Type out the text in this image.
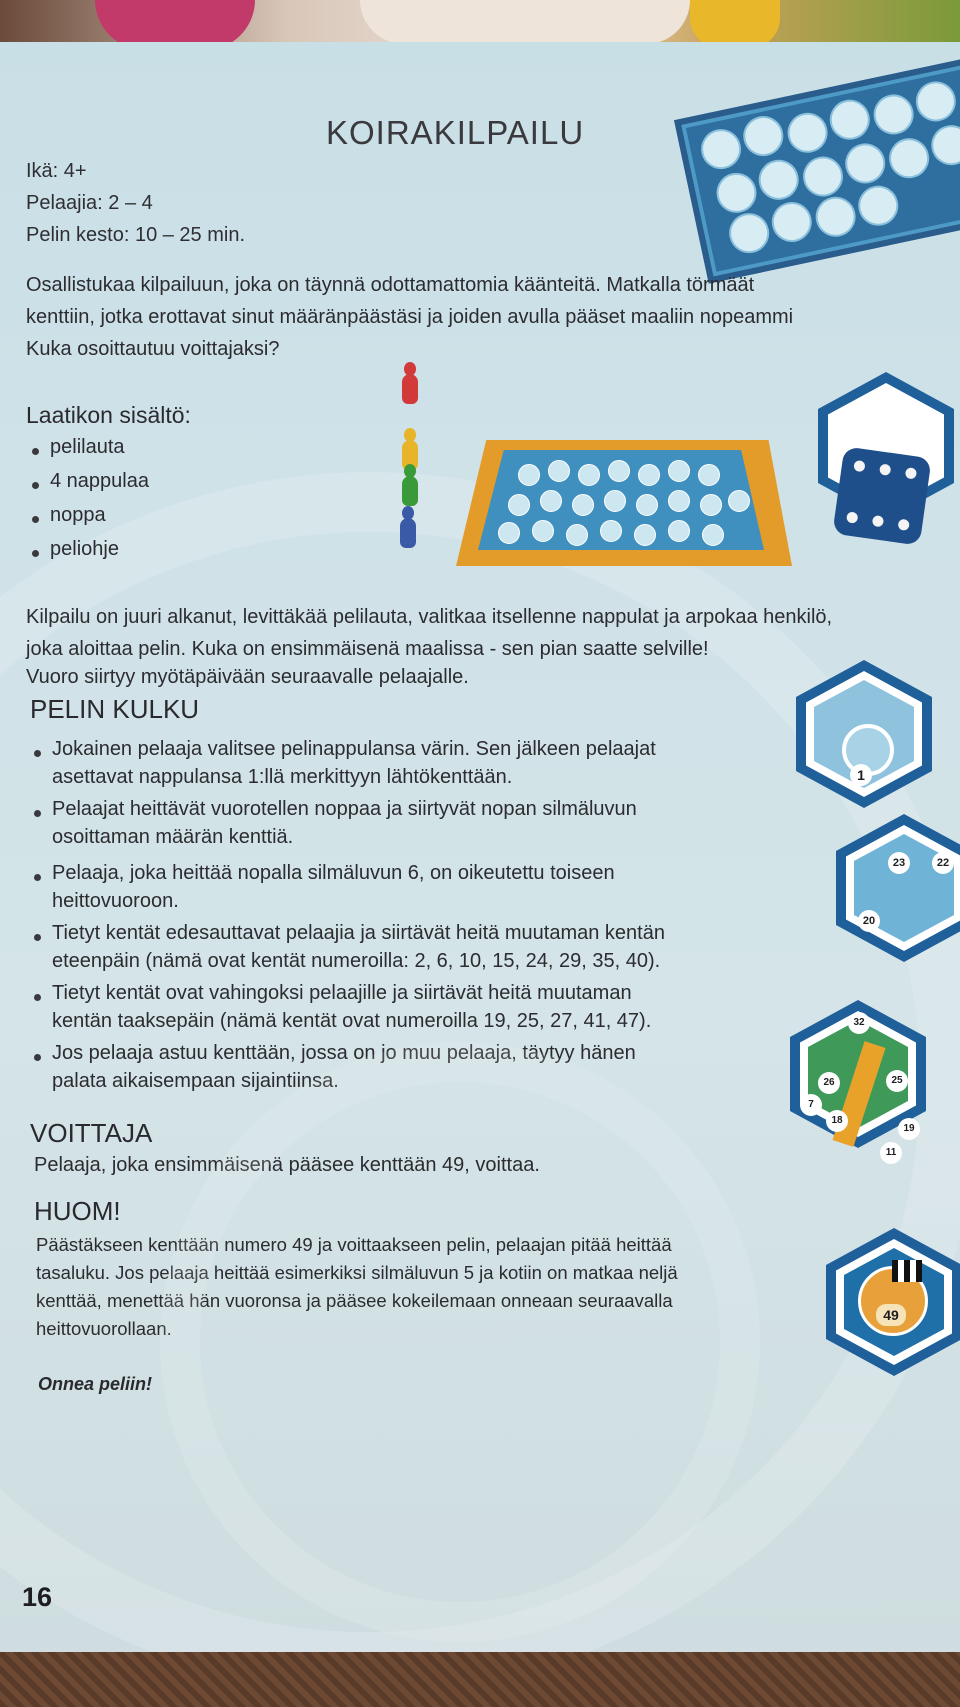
KOIRAKILPAILU
Ikä: 4+
Pelaajia: 2 – 4
Pelin kesto: 10 – 25 min.
Osallistukaa kilpailuun, joka on täynnä odottamattomia käänteitä. Matkalla törmäät
kenttiin, jotka erottavat sinut määränpäästäsi ja joiden avulla pääset maaliin nopeammi
Kuka osoittautuu voittajaksi?
Laatikon sisältö:
pelilauta
4 nappulaa
noppa
peliohje
Kilpailu on juuri alkanut, levittäkää pelilauta, valitkaa itsellenne nappulat ja arpokaa henkilö,
joka aloittaa pelin. Kuka on ensimmäisenä maalissa - sen pian saatte selville!
Vuoro siirtyy myötäpäivään seuraavalle pelaajalle.
PELIN KULKU
Jokainen pelaaja valitsee pelinappulansa värin. Sen jälkeen pelaajat
asettavat nappulansa 1:llä merkittyyn lähtökenttään.
Pelaajat heittävät vuorotellen noppaa ja siirtyvät nopan silmäluvun
osoittaman määrän kenttiä.
Pelaaja, joka heittää nopalla silmäluvun 6, on oikeutettu toiseen
heittovuoroon.
Tietyt kentät edesauttavat pelaajia ja siirtävät heitä muutaman kentän
eteenpäin (nämä ovat kentät numeroilla: 2, 6, 10, 15, 24, 29, 35, 40).
Tietyt kentät ovat vahingoksi pelaajille ja siirtävät heitä muutaman
kentän taaksepäin (nämä kentät ovat numeroilla 19, 25, 27, 41, 47).
Jos pelaaja astuu kenttään, jossa on jo muu pelaaja, täytyy hänen
palata aikaisempaan sijaintiinsa.
1
23	22
20
32
26	25
18
19
7
11
VOITTAJA
Pelaaja, joka ensimmäisenä pääsee kenttään 49, voittaa.
HUOM!
Päästäkseen kenttään numero 49 ja voittaakseen pelin, pelaajan pitää heittää
tasaluku. Jos pelaaja heittää esimerkiksi silmäluvun 5 ja kotiin on matkaa neljä
kenttää, menettää hän vuoronsa ja pääsee kokeilemaan onneaan seuraavalla
heittovuorollaan.
49
Onnea peliin!
16
